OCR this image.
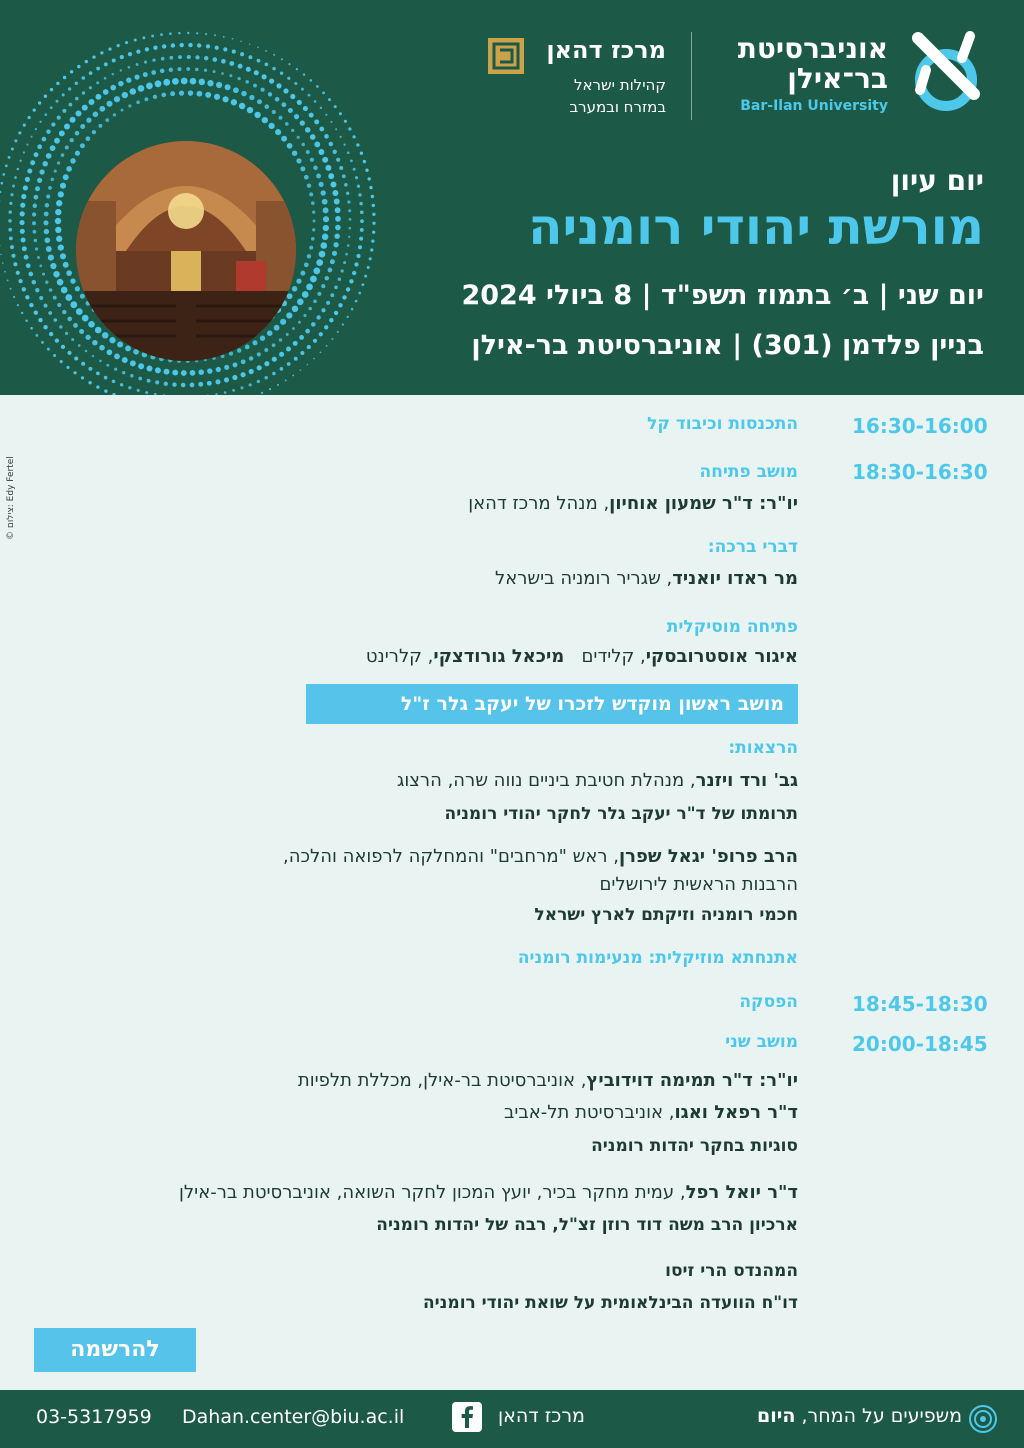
אוניברסיטת
בר־אילן
Bar-Ilan University
מרכז דהאן
קהילות ישראל
במזרח ובמערב
יום עיון
מורשת יהודי רומניה
יום שני | ב׳ בתמוז תשפ"ד | 8 ביולי 2024
בניין פלדמן (301) | אוניברסיטת בר-אילן
© צילום: Edy Fertel
16:30-16:00
התכנסות וכיבוד קל
18:30-16:30
מושב פתיחה
יו"ר: ד"ר שמעון אוחיון, מנהל מרכז דהאן
דברי ברכה:
מר ראדו יואניד, שגריר רומניה בישראל
פתיחה מוסיקלית
איגור אוסטרובסקי, קלידים   מיכאל גורודצקי, קלרינט
מושב ראשון מוקדש לזכרו של יעקב גלר ז"ל
הרצאות:
גב' ורד ויזנר, מנהלת חטיבת ביניים נווה שרה, הרצוג
תרומתו של ד"ר יעקב גלר לחקר יהודי רומניה
הרב פרופ' יגאל שפרן, ראש "מרחבים" והמחלקה לרפואה והלכה,
הרבנות הראשית לירושלים
חכמי רומניה וזיקתם לארץ ישראל
אתנחתא מוזיקלית: מנעימות רומניה
18:45-18:30
הפסקה
20:00-18:45
מושב שני
יו"ר: ד"ר תמימה דוידוביץ, אוניברסיטת בר-אילן, מכללת תלפיות
ד"ר רפאל ואגו, אוניברסיטת תל-אביב
סוגיות בחקר יהדות רומניה
ד"ר יואל רפל, עמית מחקר בכיר, יועץ המכון לחקר השואה, אוניברסיטת בר-אילן
ארכיון הרב משה דוד רוזן זצ"ל, רבה של יהדות רומניה
המהנדס הרי זיסו
דו"ח הוועדה הבינלאומית על שואת יהודי רומניה
להרשמה
03-5317959 Dahan.center@biu.ac.il	מרכז דהאן	משפיעים על המחר, היום
